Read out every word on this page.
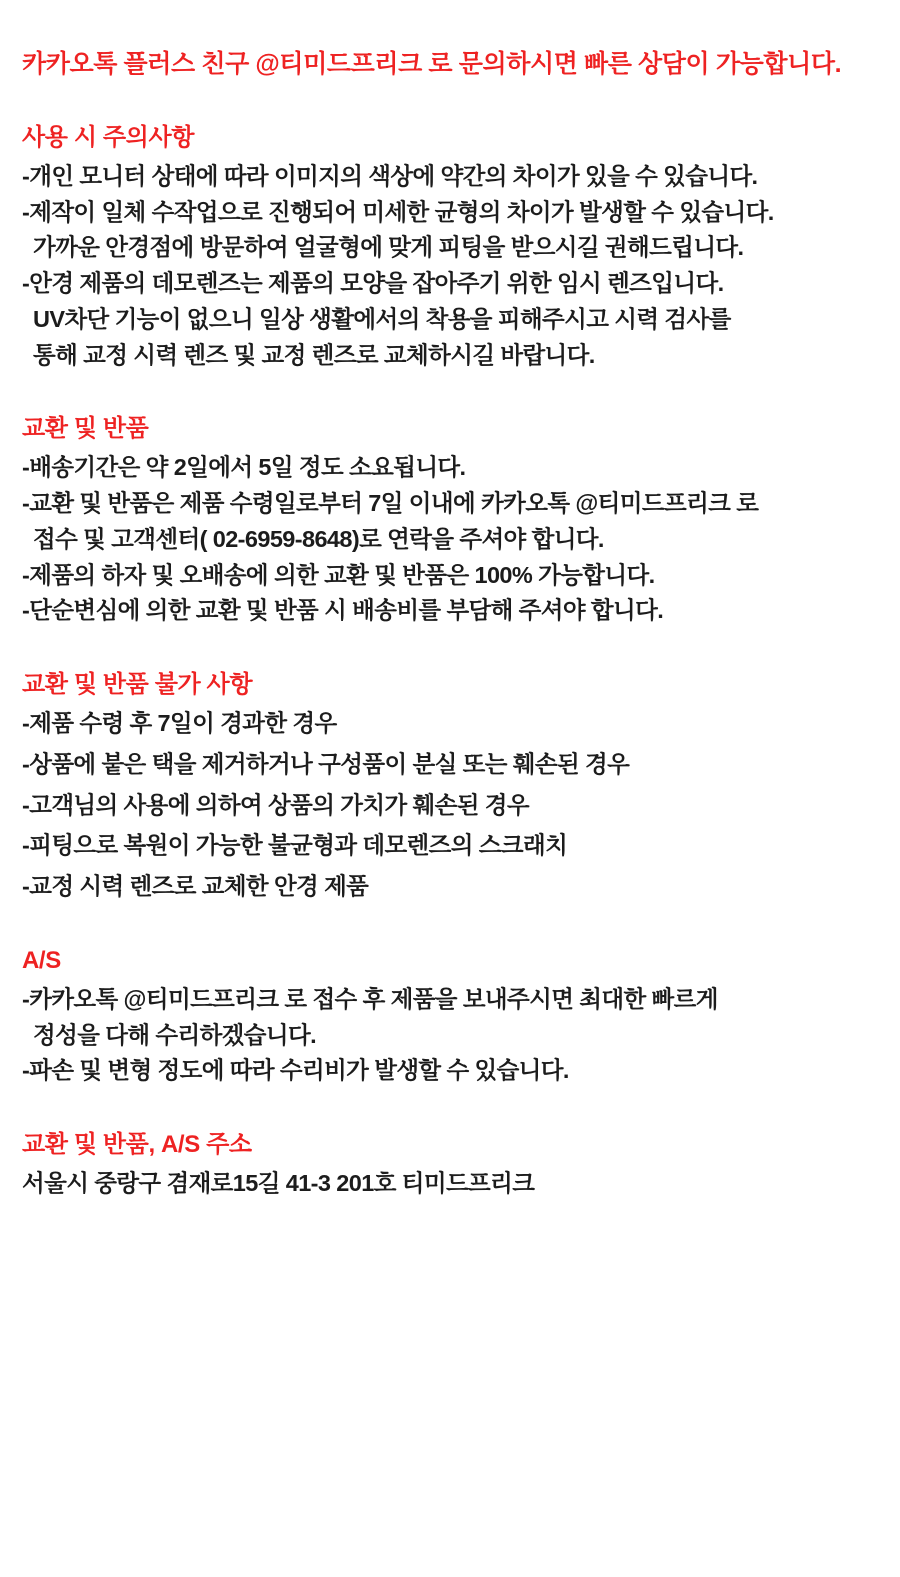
카카오톡 플러스 친구 @티미드프리크 로 문의하시면 빠른 상담이 가능합니다.

사용 시 주의사항

-개인 모니터 상태에 따라 이미지의 색상에 약간의 차이가 있을 수 있습니다.

-제작이 일체 수작업으로 진행되어 미세한 균형의 차이가 발생할 수 있습니다.

가까운 안경점에 방문하여 얼굴형에 맞게 피팅을 받으시길 권해드립니다.

-안경 제품의 데모렌즈는 제품의 모양을 잡아주기 위한 임시 렌즈입니다.

UV차단 기능이 없으니 일상 생활에서의 착용을 피해주시고 시력 검사를

통해 교정 시력 렌즈 및 교정 렌즈로 교체하시길 바랍니다.

교환 및 반품

-배송기간은 약 2일에서 5일 정도 소요됩니다.

-교환 및 반품은 제품 수령일로부터 7일 이내에 카카오톡 @티미드프리크 로

접수 및 고객센터( 02-6959-8648)로 연락을 주셔야 합니다.

-제품의 하자 및 오배송에 의한 교환 및 반품은 100% 가능합니다.

-단순변심에 의한 교환 및 반품 시 배송비를 부담해 주셔야 합니다.

교환 및 반품 불가 사항

-제품 수령 후 7일이 경과한 경우

-상품에 붙은 택을 제거하거나 구성품이 분실 또는 훼손된 경우

-고객님의 사용에 의하여 상품의 가치가 훼손된 경우

-피팅으로 복원이 가능한 불균형과 데모렌즈의 스크래치

-교정 시력 렌즈로 교체한 안경 제품

A/S

-카카오톡 @티미드프리크 로 접수 후 제품을 보내주시면 최대한 빠르게

정성을 다해 수리하겠습니다.

-파손 및 변형 정도에 따라 수리비가 발생할 수 있습니다.

교환 및 반품, A/S 주소

서울시 중랑구 겸재로15길 41-3 201호 티미드프리크
